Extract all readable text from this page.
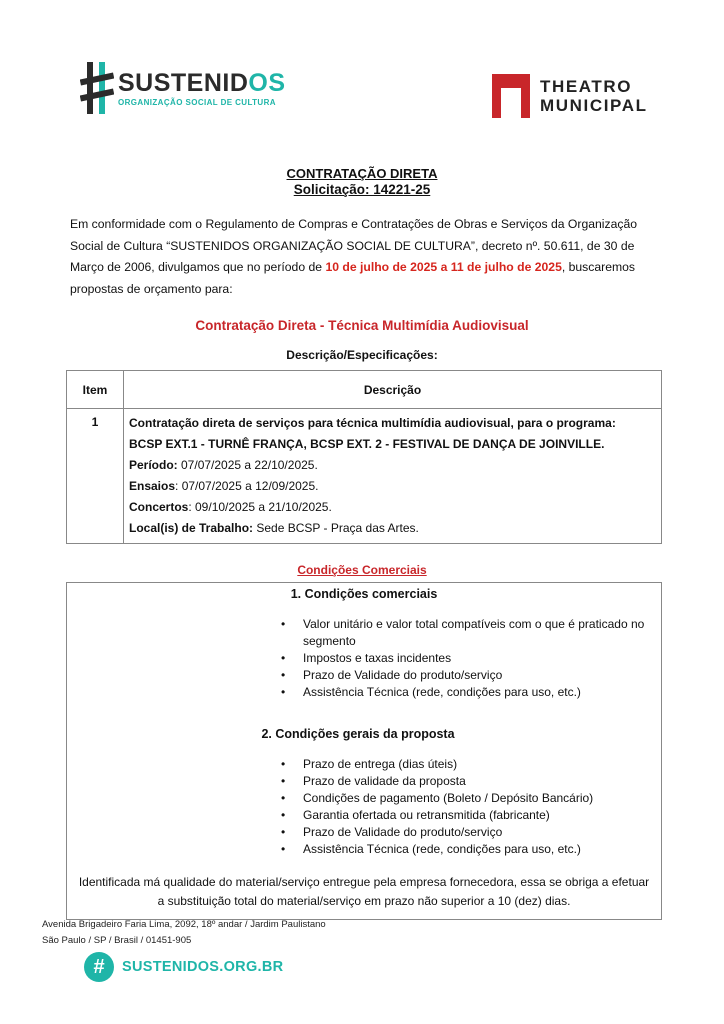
SUSTENIDOS
ORGANIZAÇÃO SOCIAL DE CULTURA
THEATRO
MUNICIPAL
CONTRATAÇÃO DIRETA
Solicitação: 14221-25

Em conformidade com o Regulamento de Compras e Contratações de Obras e Serviços da Organização Social de Cultura “SUSTENIDOS ORGANIZAÇÃO SOCIAL DE CULTURA”, decreto nº. 50.611, de 30 de Março de 2006, divulgamos que no período de 10 de julho de 2025 a 11 de julho de 2025, buscaremos propostas de orçamento para:

Contratação Direta - Técnica Multimídia Audiovisual
Descrição/Especificações:
Item	Descrição
1	Contratação direta de serviços para técnica multimídia audiovisual, para o programa:
BCSP EXT.1 - TURNÊ FRANÇA, BCSP EXT. 2 - FESTIVAL DE DANÇA DE JOINVILLE.
Período: 07/07/2025 a 22/10/2025.
Ensaios: 07/07/2025 a 12/09/2025.
Concertos: 09/10/2025 a 21/10/2025.
Local(is) de Trabalho: Sede BCSP - Praça das Artes.
Condições Comerciais
1. Condições comerciais
• Valor unitário e valor total compatíveis com o que é praticado no segmento
• Impostos e taxas incidentes
• Prazo de Validade do produto/serviço
• Assistência Técnica (rede, condições para uso, etc.)
2. Condições gerais da proposta
• Prazo de entrega (dias úteis)
• Prazo de validade da proposta
• Condições de pagamento (Boleto / Depósito Bancário)
• Garantia ofertada ou retransmitida (fabricante)
• Prazo de Validade do produto/serviço
• Assistência Técnica (rede, condições para uso, etc.)
Identificada má qualidade do material/serviço entregue pela empresa fornecedora, essa se obriga a efetuar
a substituição total do material/serviço em prazo não superior a 10 (dez) dias.
Avenida Brigadeiro Faria Lima, 2092, 18º andar / Jardim Paulistano
São Paulo / SP / Brasil / 01451-905
#	SUSTENIDOS.ORG.BR
